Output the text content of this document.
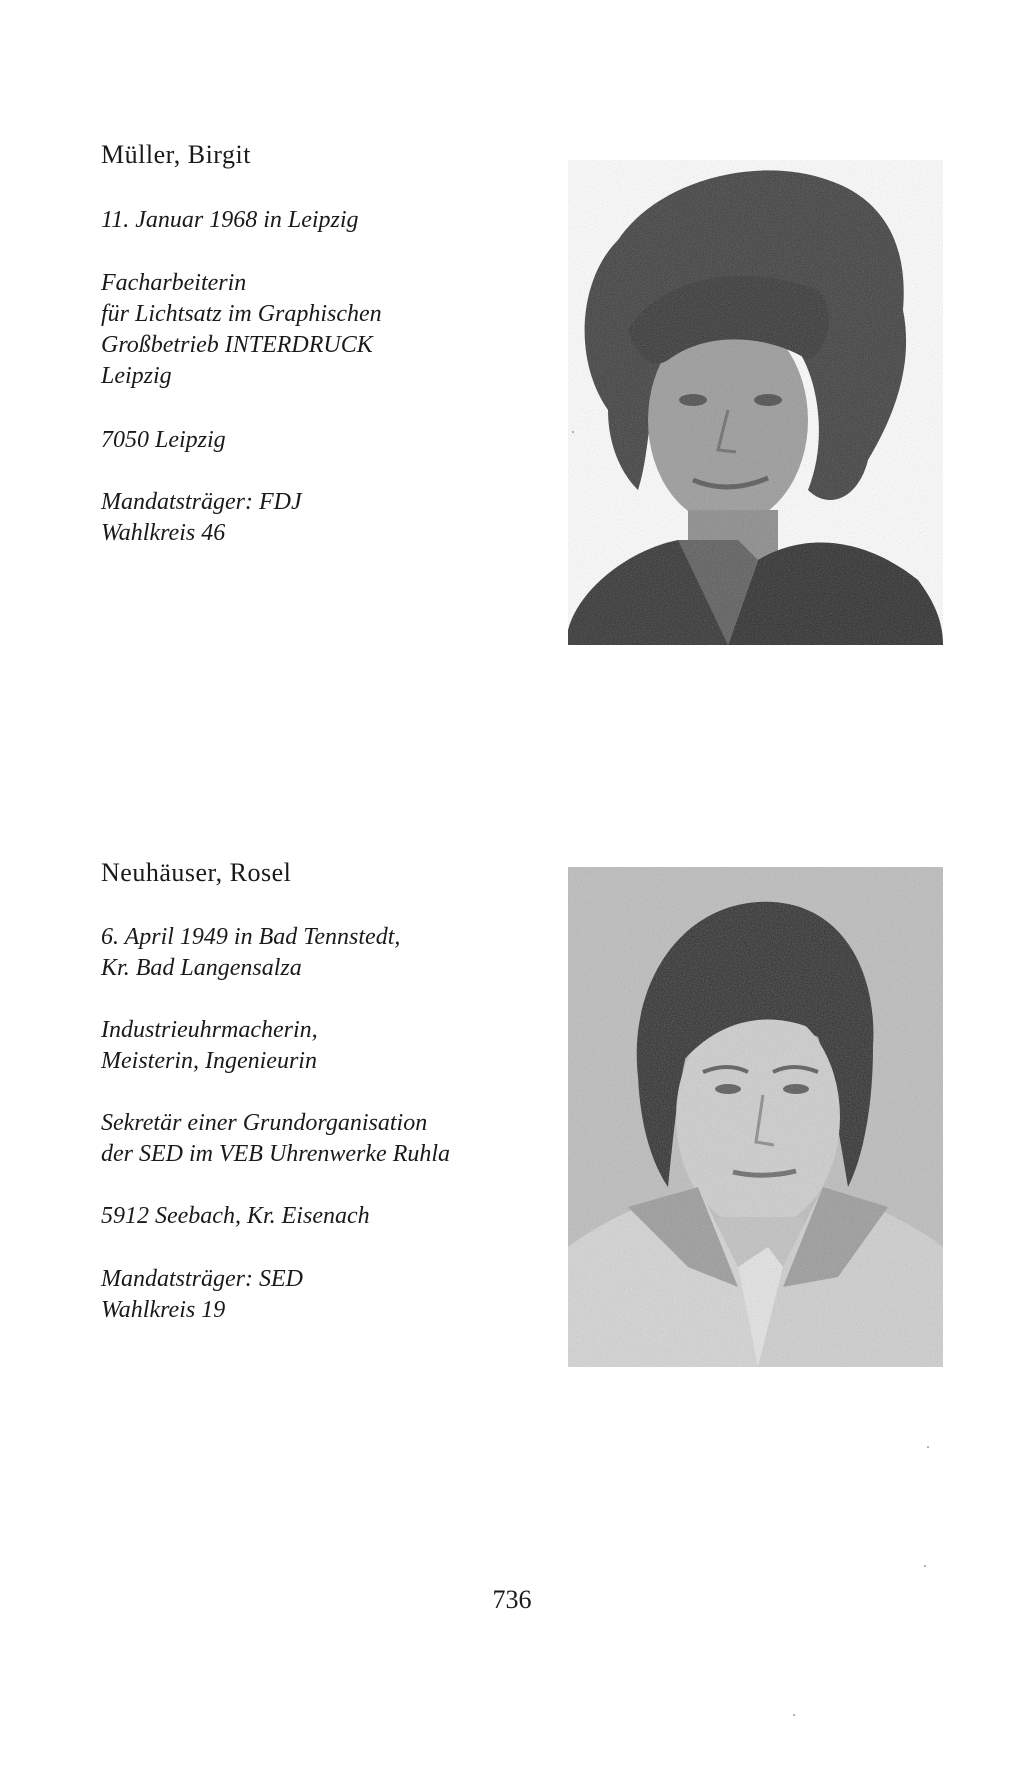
Müller, Birgit
11. Januar 1968 in Leipzig
Facharbeiterin
für Lichtsatz im Graphischen
Großbetrieb INTERDRUCK
Leipzig
7050 Leipzig
Mandatsträger: FDJ
Wahlkreis 46
Neuhäuser, Rosel
6. April 1949 in Bad Tennstedt,
Kr. Bad Langensalza
Industrieuhrmacherin,
Meisterin, Ingenieurin
Sekretär einer Grundorganisation
der SED im VEB Uhrenwerke Ruhla
5912 Seebach, Kr. Eisenach
Mandatsträger: SED
Wahlkreis 19
736
